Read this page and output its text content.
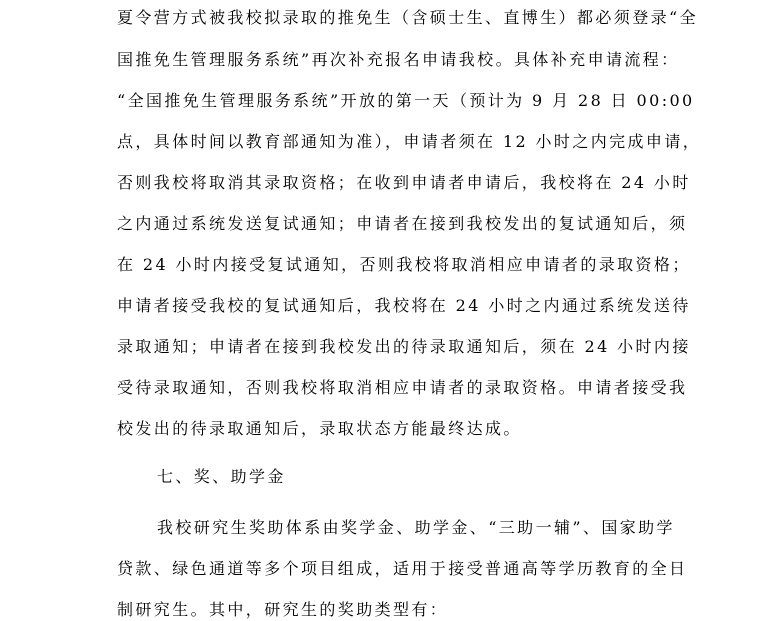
夏令营方式被我校拟录取的推免生（含硕士生、直博生）都必须登录“全
国推免生管理服务系统”再次补充报名申请我校。具体补充申请流程：
“全国推免生管理服务系统”开放的第一天（预计为 9 月 28 日 00:00
点，具体时间以教育部通知为准），申请者须在 12 小时之内完成申请，
否则我校将取消其录取资格；在收到申请者申请后，我校将在 24 小时
之内通过系统发送复试通知；申请者在接到我校发出的复试通知后，须
在 24 小时内接受复试通知，否则我校将取消相应申请者的录取资格；
申请者接受我校的复试通知后，我校将在 24 小时之内通过系统发送待
录取通知；申请者在接到我校发出的待录取通知后，须在 24 小时内接
受待录取通知，否则我校将取消相应申请者的录取资格。申请者接受我
校发出的待录取通知后，录取状态方能最终达成。
七、奖、助学金
我校研究生奖助体系由奖学金、助学金、“三助一辅”、国家助学
贷款、绿色通道等多个项目组成，适用于接受普通高等学历教育的全日
制研究生。其中，研究生的奖助类型有：
